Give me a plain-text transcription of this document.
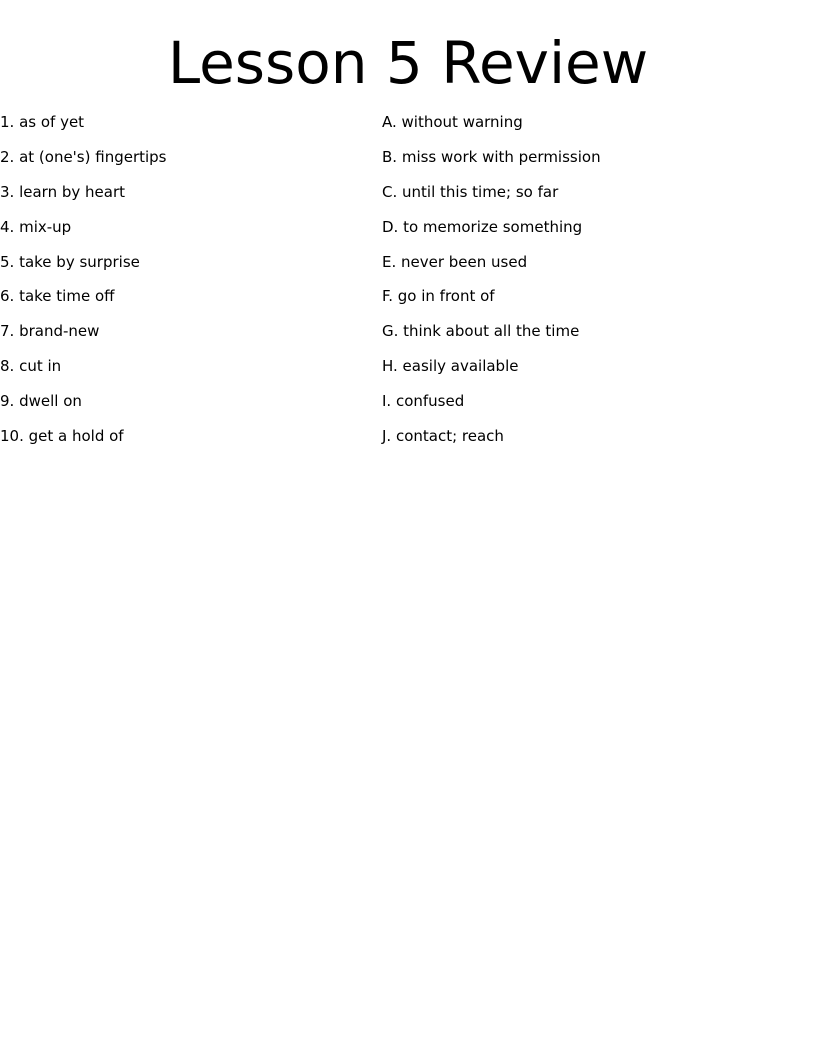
Lesson 5 Review
1. as of yet
2. at (one's) fingertips
3. learn by heart
4. mix-up
5. take by surprise
6. take time off
7. brand-new
8. cut in
9. dwell on
10. get a hold of
A. without warning
B. miss work with permission
C. until this time; so far
D. to memorize something
E. never been used
F. go in front of
G. think about all the time
H. easily available
I. confused
J. contact; reach
